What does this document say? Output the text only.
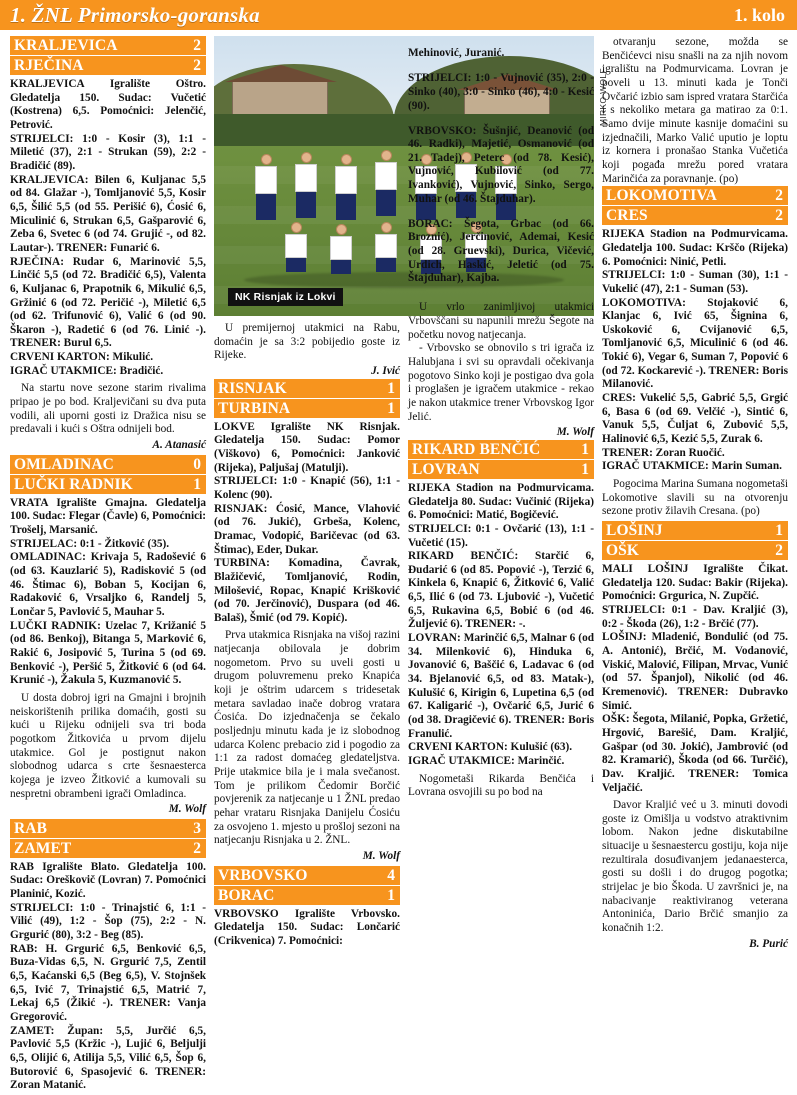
1. ŽNL Primorsko-goranska	1. kolo
NK Risnjak iz Lokvi
MIRKO WOLF
KRALJEVICA	2
RJEČINA	2

KRALJEVICA Igralište Oštro. Gledatelja 150. Sudac: Vučetić (Kostrena) 6,5. Pomoćnici: Jelenčić, Petrović.

STRIJELCI: 1:0 - Kosir (3), 1:1 - Miletić (37), 2:1 - Strukan (59), 2:2 - Bradičić (89).

KRALJEVICA: Bilen 6, Kuljanac 5,5 od 84. Glažar -), Tomljanović 5,5, Kosir 6,5, Šilić 5,5 (od 55. Perišić 6), Ćosić 6, Miculinić 6, Strukan 6,5, Gašparović 6, Zeba 6, Svetec 6 (od 74. Grujić -, od 82. Lautar-). TRENER: Funarić 6.

RJEČINA: Rudar 6, Marinović 5,5, Linčić 5,5 (od 72. Bradičić 6,5), Valenta 6, Kuljanac 6, Prapotnik 6, Mikulić 6,5, Gržinić 6 (od 72. Peričić -), Miletić 6,5 (od 62. Trifunović 6), Valić 6 (od 90. Škaron -), Radetić 6 (od 76. Linić -). TRENER: Burul 6,5.

CRVENI KARTON: Mikulić.

IGRAČ UTAKMICE: Bradičić.

Na startu nove sezone starim rivalima pripao je po bod. Kraljevičani su dva puta vodili, ali uporni gosti iz Dražica nisu se predavali i kući s Oštra odnijeli bod.

A. Atanasić
OMLADINAC	0
LUČKI RADNIK	1

VRATA Igralište Gmajna. Gledatelja 100. Sudac: Flegar (Čavle) 6, Pomoćnici: Trošelj, Marsanić.

STRIJELAC: 0:1 - Žitković (35).

OMLADINAC: Krivaja 5, Radošević 6 (od 63. Kauzlarić 5), Radisković 5 (od 46. Štimac 6), Boban 5, Kocijan 6, Radaković 6, Vrsaljko 6, Randelj 5, Lončar 5, Pavlović 5, Mauhar 5.

LUČKI RADNIK: Uzelac 7, Križanić 5 (od 86. Benkoj), Bitanga 5, Marković 6, Rakić 6, Josipović 5, Turina 5 (od 69. Benković -), Peršić 5, Žitković 6 (od 64. Krunić -), Žakula 5, Kuzmanović 5.

U dosta dobroj igri na Gmajni i brojnih neiskorištenih prilika domaćih, gosti su kući u Rijeku odnijeli sva tri boda pogotkom Žitkovića u prvom dijelu utakmice. Gol je postignut nakon slobodnog udarca s crte šesnaesterca kojega je izveo Žitković a kumovali su nespretni obrambeni igrači Omladinca.

M. Wolf
RAB	3
ZAMET	2

RAB Igralište Blato. Gledatelja 100. Sudac: Oreškovič (Lovran) 7. Pomoćnici Planinić, Kozić.

STRIJELCI: 1:0 - Trinajstić 6, 1:1 - Vilić (49), 1:2 - Šop (75), 2:2 - N. Grgurić (80), 3:2 - Beg (85).

RAB: H. Grgurić 6,5, Benković 6,5, Buza-Vidas 6,5, N. Grgurić 7,5, Zentil 6,5, Kaćanski 6,5 (Beg 6,5), V. Stojnšek 6,5, Ivić 7, Trinajstić 6,5, Matrić 7, Lekaj 6,5 (Žikić -). TRENER: Vanja Gregorović.

ZAMET: Župan: 5,5, Jurčić 6,5, Pavlović 5,5 (Kržic -), Lujić 6, Beljulji 6,5, Olijić 6, Atilija 5,5, Vilić 6,5, Šop 6, Butorović 6, Spasojević 6. TRENER: Zoran Matanić.

U premijernoj utakmici na Rabu, domaćin je sa 3:2 pobijedio goste iz Rijeke.

J. Ivić
RISNJAK	1
TURBINA	1

LOKVE Igralište NK Risnjak. Gledatelja 150. Sudac: Pomor (Viškovo) 6, Pomoćnici: Janković (Rijeka), Paljušaj (Matulji).

STRIJELCI: 1:0 - Knapić (56), 1:1 - Kolenc (90).

RISNJAK: Ćosić, Mance, Vlahović (od 76. Jukić), Grbeša, Kolenc, Dramac, Vodopić, Baričevac (od 63. Štimac), Eder, Dukar.

TURBINA: Komadina, Čavrak, Blažičević, Tomljanović, Rodin, Milošević, Ropac, Knapić Krišković (od 70. Jerčinović), Duspara (od 46. Balaš), Šmić (od 79. Kopić).

Prva utakmica Risnjaka na višoj razini natjecanja obilovala je dobrim nogometom. Prvo su uveli gosti u drugom poluvremenu preko Knapića koji je oštrim udarcem s tridesetak metara savladao inače dobrog vratara Ćosića. Do izjednačenja se čekalo posljednju minutu kada je iz slobodnog udarca Kolenc prebacio zid i pogodio za 1:1 za radost domaćeg gledateljstva. Prije utakmice bila je i mala svečanost. Tom je prilikom Čedomir Borčić povjerenik za natjecanje u 1 ŽNL predao pehar vrataru Risnjaka Danijelu Ćosiću za osvojeno 1. mjesto u prošloj sezoni na natjecanju Risnjaka u 2. ŽNL.

M. Wolf
VRBOVSKO	4
BORAC	1

VRBOVSKO Igralište Vrbovsko. Gledatelja 150. Sudac: Lončarić (Crikvenica) 7. Pomoćnici:

Mehinović, Juranić.

STRIJELCI: 1:0 - Vujnović (35), 2:0 - Sinko (40), 3:0 - Sinko (46), 4:0 - Kesić (90).

VRBOVSKO: Šušnjić, Deanović (od 46. Radki), Majetić, Osmanović (od 21. Tadej), Peterc (od 78. Kesić), Vujnović, Kubilović (od 77. Ivanković), Vujnović, Sinko, Sergo, Muhar (od 46. Štajduhar).

BORAC: Šegota, Grbac (od 66. Broznić), Jerčinović, Ademai, Kesić (od 28. Gruevski), Durica, Vičević, Urdich, Haskić, Jeletić (od 75. Štajduhar), Kajba.

U vrlo zanimljivoj utakmici Vrbovščani su napunili mrežu Šegote na početku novog natjecanja.

- Vrbovsko se obnovilo s tri igrača iz Halubjana i svi su opravdali očekivanja pogotovo Sinko koji je postigao dva gola i proglašen je igračem utakmice - rekao je nakon utakmice trener Vrbovskog Igor Jelić.

M. Wolf
RIKARD BENČIĆ	1
LOVRAN	1

RIJEKA Stadion na Podmurvicama. Gledatelja 80. Sudac: Vučinić (Rijeka) 6. Pomoćnici: Matić, Bogičević.

STRIJELCI: 0:1 - Ovčarić (13), 1:1 - Vučetić (15).

RIKARD BENČIĆ: Starčić 6, Đudarić 6 (od 85. Popović -), Terzić 6, Kinkela 6, Knapić 6, Žitković 6, Valić 6,5, Ilić 6 (od 73. Ljubović -), Vučetić 6,5, Rukavina 6,5, Bobić 6 (od 46. Žuljević 6). TRENER: -.

LOVRAN: Marinčić 6,5, Malnar 6 (od 34. Milenković 6), Hinduka 6, Jovanović 6, Baščić 6, Ladavac 6 (od 34. Bjelanović 6,5, od 83. Matak-), Kulušić 6, Kirigin 6, Lupetina 6,5 (od 67. Kaligarić -), Ovčarić 6,5, Jurić 6 (od 38. Dragičević 6). TRENER: Boris Franulić.

CRVENI KARTON: Kulušić (63).

IGRAČ UTAKMICE: Marinčić.

Nogometaši Rikarda Benčića i Lovrana osvojili su po bod na

otvaranju sezone, možda se Benčićevci nisu snašli na za njih novom igralištu na Podmurvicama. Lovran je poveli u 13. minuti kada je Tonči Ovčarić izbio sam ispred vratara Starčića i s nekoliko metara ga matirao za 0:1. Samo dvije minute kasnije domaćini su izjednačili, Marko Valić uputio je loptu iz kornera i pronašao Stanka Vučetića koji pogađa mrežu pored vratara Marinčića za poravnanje. (po)

LOKOMOTIVA	2
CRES	2

RIJEKA Stadion na Podmurvicama. Gledatelja 100. Sudac: Krščo (Rijeka) 6. Pomoćnici: Ninić, Petli.

STRIJELCI: 1:0 - Suman (30), 1:1 - Vukelić (47), 2:1 - Suman (53).

LOKOMOTIVA: Stojaković 6, Klanjac 6, Ivić 65, Šignina 6, Uskoković 6, Cvijanović 6,5, Tomljanović 6,5, Miculinić 6 (od 46. Tokić 6), Vegar 6, Suman 7, Popović 6 (od 72. Kockarević -). TRENER: Boris Milanović.

CRES: Vukelić 5,5, Gabrić 5,5, Grgić 6, Basa 6 (od 69. Velčić -), Sintić 6, Vanuk 5,5, Čuljat 6, Zubović 5,5, Halinović 6,5, Kezić 5,5, Zurak 6.

TRENER: Zoran Ruočić.

IGRAČ UTAKMICE: Marin Suman.

Pogocima Marina Sumana nogometaši Lokomotive slavili su na otvorenju sezone protiv žilavih Cresana. (po)

LOŠINJ	1
OŠK	2

MALI LOŠINJ Igralište Čikat. Gledatelja 120. Sudac: Bakir (Rijeka). Pomoćnici: Grgurica, N. Zupčić.

STRIJELCI: 0:1 - Dav. Kraljić (3), 0:2 - Škoda (26), 1:2 - Brčić (77).

LOŠINJ: Mladenić, Bondulić (od 75. A. Antonić), Brčić, M. Vodanović, Viskić, Malović, Filipan, Mrvac, Vunić (od 57. Španjol), Nikolić (od 46. Kremenović). TRENER: Dubravko Simić.

OŠK: Šegota, Milanić, Popka, Gržetić, Hrgović, Barešić, Dam. Kraljić, Gašpar (od 30. Jokić), Jambrović (od 82. Kramarić), Škoda (od 66. Turčić), Dav. Kraljić. TRENER: Tomica Veljačić.

Davor Kraljić već u 3. minuti dovodi goste iz Omišlja u vodstvo atraktivnim lobom. Nakon jedne diskutabilne situacije u šesnaestercu gostiju, koja nije rezultirala dosuđivanjem jedanaesterca, gosti su došli i do drugog pogotka; strijelac je bio Škoda. U završnici je, na nabacivanje reaktiviranog veterana Antoninića, Dario Brčić smanjio za konačnih 1:2.

B. Purić
